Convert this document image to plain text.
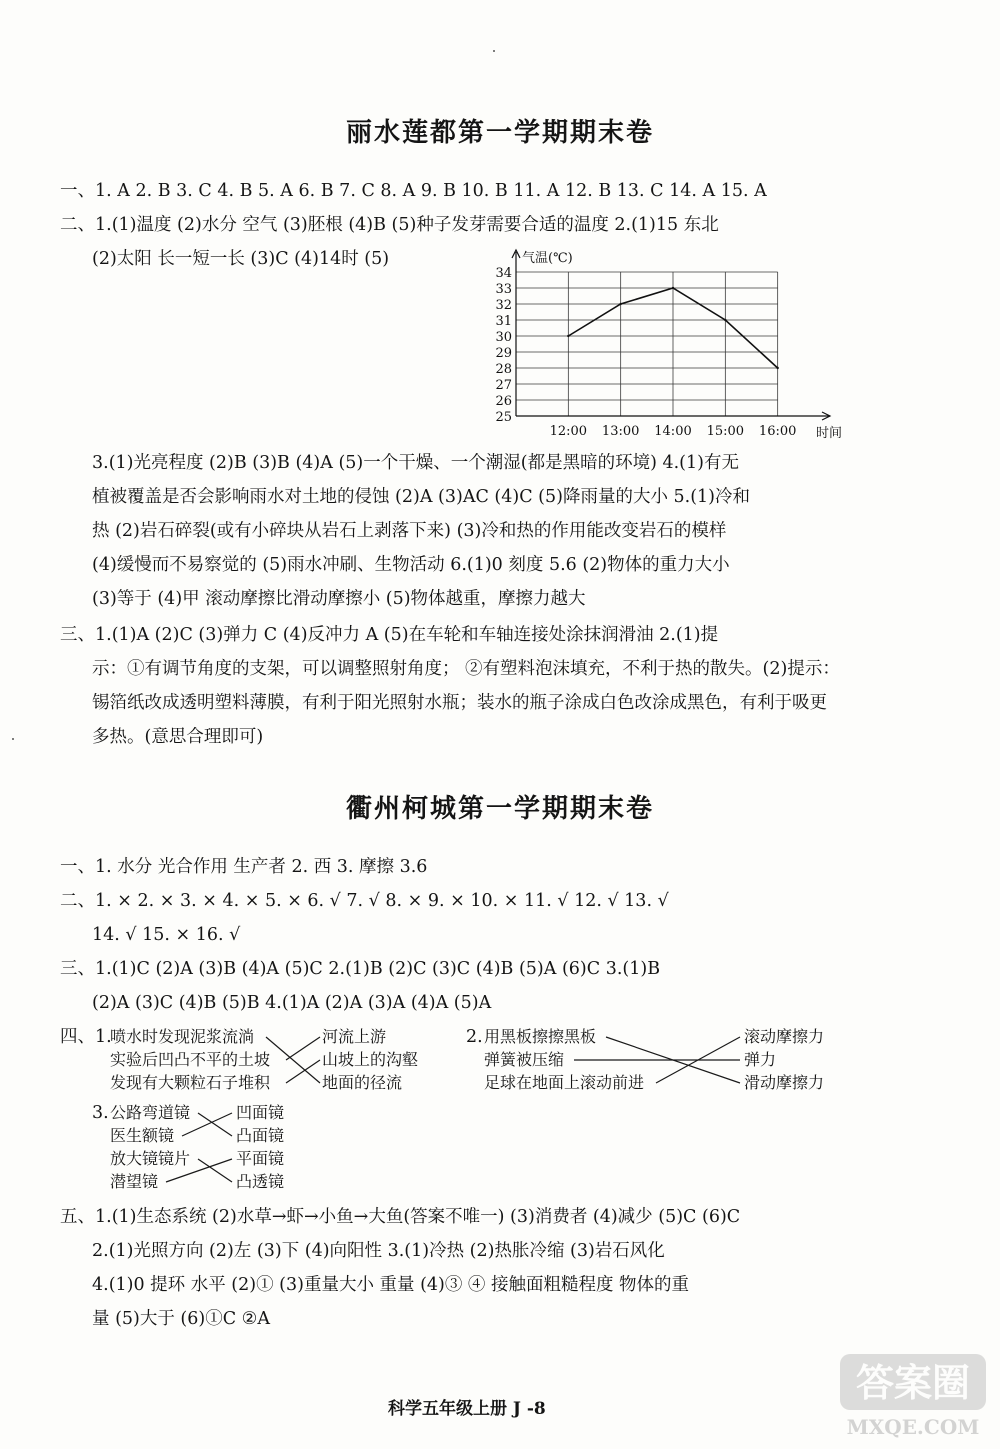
丽水莲都第一学期期末卷
一、1. A 2. B 3. C 4. B 5. A 6. B 7. C 8. A 9. B 10. B 11. A 12. B 13. C 14. A 15. A
二、1.(1)温度 (2)水分 空气 (3)胚根 (4)B (5)种子发芽需要合适的温度 2.(1)15 东北
(2)太阳 长一短一长 (3)C (4)14时 (5)
25
26
27
28
29
30
31
32
33
34
12:00 13:00 14:00 15:00 16:00
气温(℃)
时间
3.(1)光亮程度 (2)B (3)B (4)A (5)一个干燥、一个潮湿(都是黑暗的环境) 4.(1)有无
植被覆盖是否会影响雨水对土地的侵蚀 (2)A (3)AC (4)C (5)降雨量的大小 5.(1)冷和
热 (2)岩石碎裂(或有小碎块从岩石上剥落下来) (3)冷和热的作用能改变岩石的模样
(4)缓慢而不易察觉的 (5)雨水冲刷、生物活动 6.(1)0 刻度 5.6 (2)物体的重力大小
(3)等于 (4)甲 滚动摩擦比滑动摩擦小 (5)物体越重，摩擦力越大
三、1.(1)A (2)C (3)弹力 C (4)反冲力 A (5)在车轮和车轴连接处涂抹润滑油 2.(1)提
示：①有调节角度的支架，可以调整照射角度； ②有塑料泡沫填充，不利于热的散失。(2)提示：
锡箔纸改成透明塑料薄膜，有利于阳光照射水瓶；装水的瓶子涂成白色改涂成黑色，有利于吸更
多热。(意思合理即可)
衢州柯城第一学期期末卷
一、1. 水分 光合作用 生产者 2. 西 3. 摩擦 3.6
二、1. × 2. × 3. × 4. × 5. × 6. √ 7. √ 8. × 9. × 10. × 11. √ 12. √ 13. √
14. √ 15. × 16. √
三、1.(1)C (2)A (3)B (4)A (5)C 2.(1)B (2)C (3)C (4)B (5)A (6)C 3.(1)B
(2)A (3)C (4)B (5)B 4.(1)A (2)A (3)A (4)A (5)A
四、1.
喷水时发现泥浆流淌
实验后凹凸不平的土坡
发现有大颗粒石子堆积
河流上游
山坡上的沟壑
地面的径流
2. 用黑板擦擦黑板
弹簧被压缩
足球在地面上滚动前进
滚动摩擦力
弹力
滑动摩擦力
3. 公路弯道镜
医生额镜
放大镜镜片
潜望镜
凹面镜
凸面镜
平面镜
凸透镜
五、1.(1)生态系统 (2)水草→虾→小鱼→大鱼(答案不唯一) (3)消费者 (4)减少 (5)C (6)C
2.(1)光照方向 (2)左 (3)下 (4)向阳性 3.(1)冷热 (2)热胀冷缩 (3)岩石风化
4.(1)0 提环 水平 (2)① (3)重量大小 重量 (4)③ ④ 接触面粗糙程度 物体的重
量 (5)大于 (6)①C ②A
科学五年级上册 J -8
答案圈
MXQE.COM
